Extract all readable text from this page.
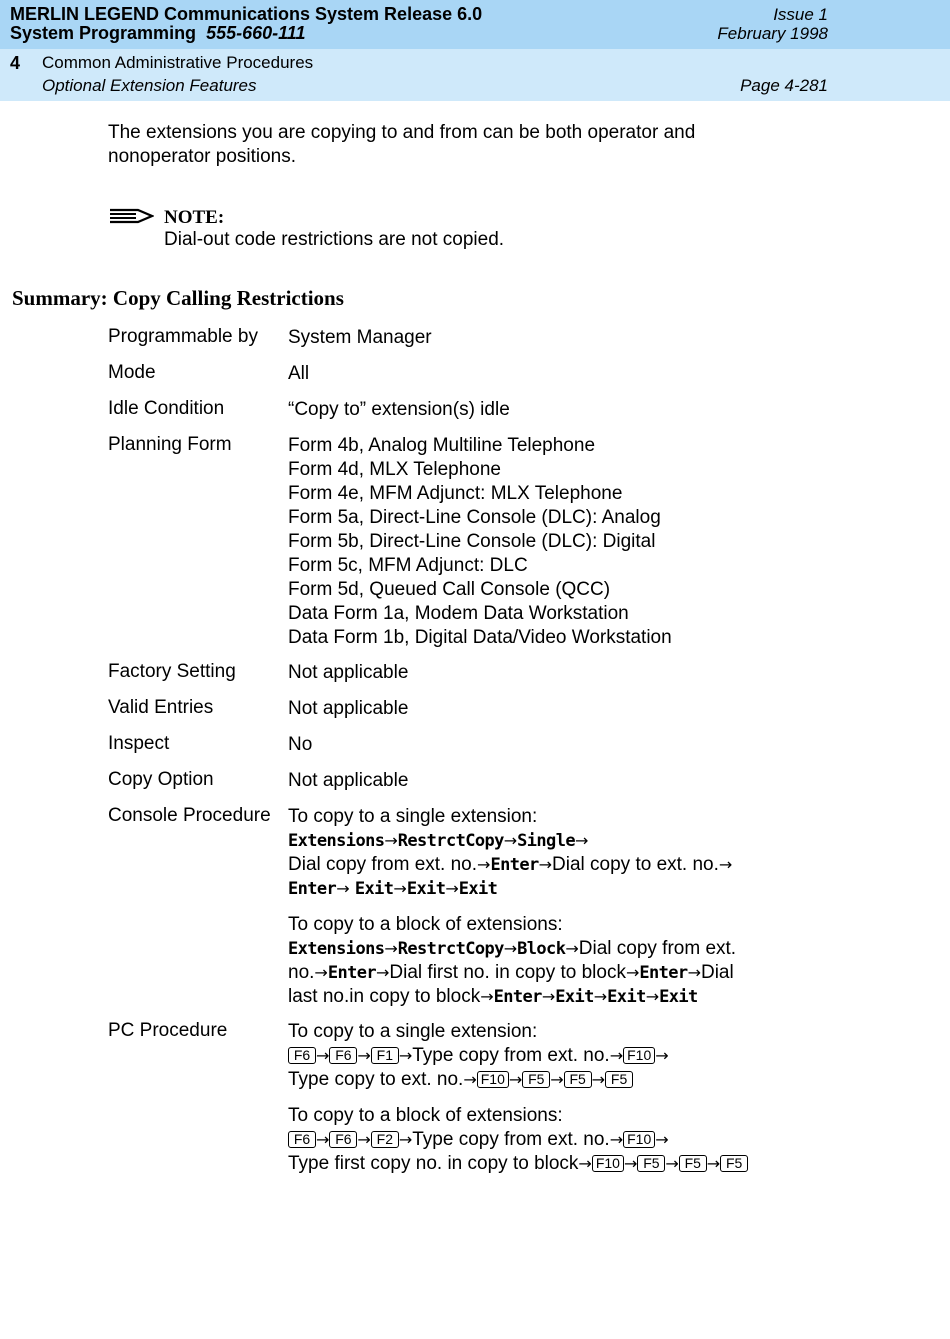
MERLIN LEGEND Communications System Release 6.0
System Programming 555-660-111
Issue 1
February 1998
4 Common Administrative Procedures
Optional Extension Features	Page 4-281
The extensions you are copying to and from can be both operator and
nonoperator positions.
NOTE:
Dial-out code restrictions are not copied.
Summary: Copy Calling Restrictions
Programmable by System Manager
Mode	All
Idle Condition	“Copy to” extension(s) idle
Planning Form	Form 4b, Analog Multiline Telephone
Form 4d, MLX Telephone
Form 4e, MFM Adjunct: MLX Telephone
Form 5a, Direct-Line Console (DLC): Analog
Form 5b, Direct-Line Console (DLC): Digital
Form 5c, MFM Adjunct: DLC
Form 5d, Queued Call Console (QCC)
Data Form 1a, Modem Data Workstation
Data Form 1b, Digital Data/Video Workstation
Factory Setting	Not applicable
Valid Entries	Not applicable
Inspect	No
Copy Option	Not applicable
Console Procedure To copy to a single extension:
Extensions→RestrctCopy→Single→
Dial copy from ext. no.→Enter→Dial copy to ext. no.→
Enter→ Exit→Exit→Exit
To copy to a block of extensions:
Extensions→RestrctCopy→Block→Dial copy from ext.
no.→Enter→Dial first no. in copy to block→Enter→Dial
last no.in copy to block→Enter→Exit→Exit→Exit
PC Procedure	To copy to a single extension:
F6 → F6 → F1 →Type copy from ext. no.→ F10 →
Type copy to ext. no.→ F10 → F5 → F5 → F5
To copy to a block of extensions:
F6 → F6 → F2 →Type copy from ext. no.→ F10 →
Type first copy no. in copy to block→ F10 → F5 → F5 → F5
